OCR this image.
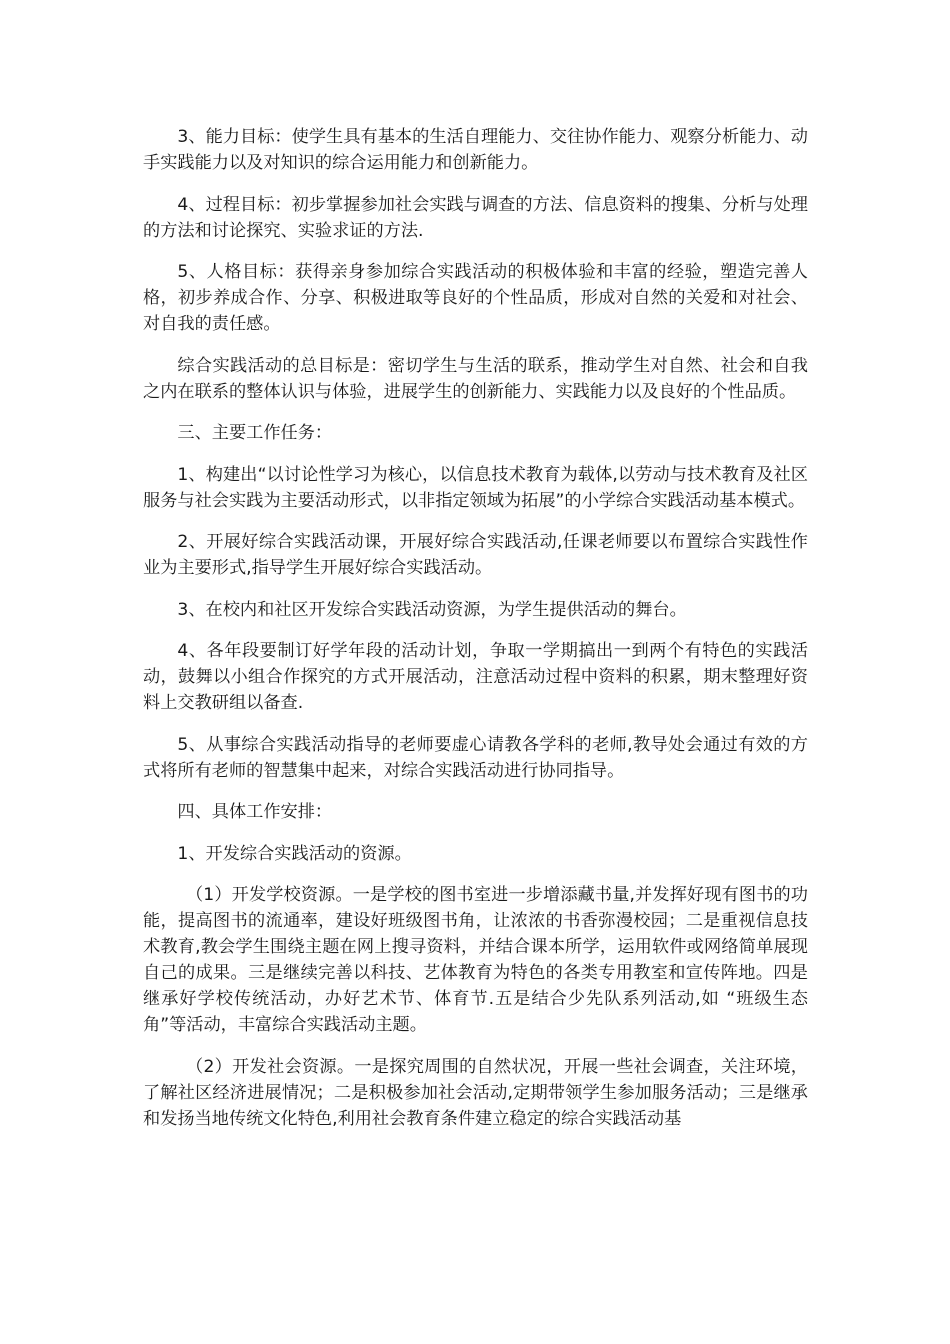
3、能力目标：使学生具有基本的生活自理能力、交往协作能力、观察分析能力、动手实践能力以及对知识的综合运用能力和创新能力。

4、过程目标：初步掌握参加社会实践与调查的方法、信息资料的搜集、分析与处理的方法和讨论探究、实验求证的方法.

5、人格目标：获得亲身参加综合实践活动的积极体验和丰富的经验，塑造完善人格，初步养成合作、分享、积极进取等良好的个性品质，形成对自然的关爱和对社会、对自我的责任感。

综合实践活动的总目标是：密切学生与生活的联系，推动学生对自然、社会和自我之内在联系的整体认识与体验，进展学生的创新能力、实践能力以及良好的个性品质。

三、主要工作任务：

1、构建出“以讨论性学习为核心，以信息技术教育为载体,以劳动与技术教育及社区服务与社会实践为主要活动形式，以非指定领域为拓展”的小学综合实践活动基本模式。

2、开展好综合实践活动课，开展好综合实践活动,任课老师要以布置综合实践性作业为主要形式,指导学生开展好综合实践活动。

3、在校内和社区开发综合实践活动资源，为学生提供活动的舞台。

4、各年段要制订好学年段的活动计划，争取一学期搞出一到两个有特色的实践活动，鼓舞以小组合作探究的方式开展活动，注意活动过程中资料的积累，期末整理好资料上交教研组以备查.

5、从事综合实践活动指导的老师要虚心请教各学科的老师,教导处会通过有效的方式将所有老师的智慧集中起来，对综合实践活动进行协同指导。

四、具体工作安排：

1、开发综合实践活动的资源。

（1）开发学校资源。一是学校的图书室进一步增添藏书量,并发挥好现有图书的功能，提高图书的流通率，建设好班级图书角，让浓浓的书香弥漫校园；二是重视信息技术教育,教会学生围绕主题在网上搜寻资料，并结合课本所学，运用软件或网络简单展现自己的成果。三是继续完善以科技、艺体教育为特色的各类专用教室和宣传阵地。四是继承好学校传统活动，办好艺术节、体育节.五是结合少先队系列活动,如 “班级生态角”等活动，丰富综合实践活动主题。

（2）开发社会资源。一是探究周围的自然状况，开展一些社会调查，关注环境，了解社区经济进展情况；二是积极参加社会活动,定期带领学生参加服务活动；三是继承和发扬当地传统文化特色,利用社会教育条件建立稳定的综合实践活动基
